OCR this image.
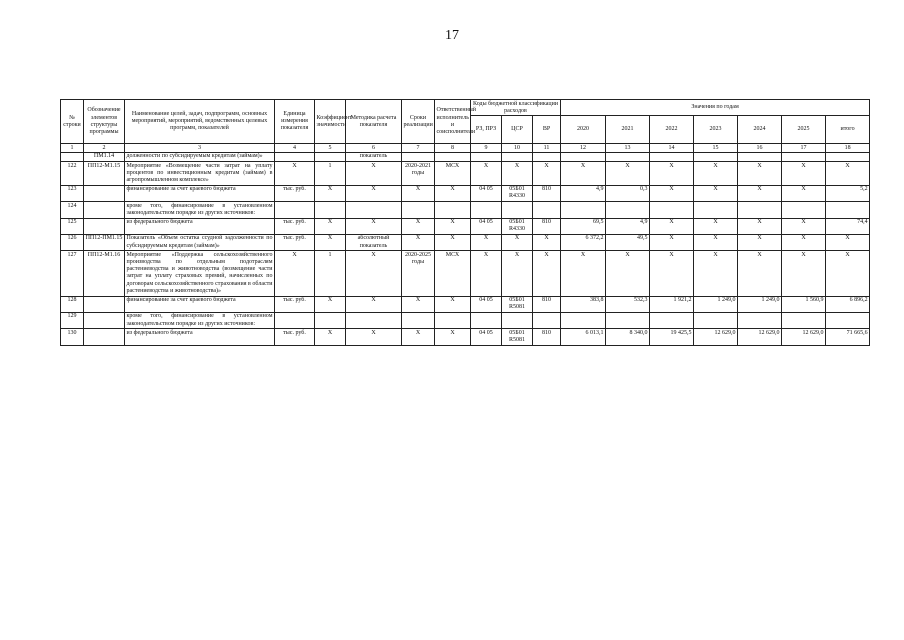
17
№ строки	Обозначение элементов структуры программы	Наименование целей, задач, подпрограмм, основных мероприятий, мероприятий, ведомственных целевых программ, показателей	Единица измерения показателя	Коэффициент значимости	Методика расчета показателя	Сроки реализации	Ответственный исполнитель и соисполнители	Коды бюджетной классификации расходов			Значения по годам						
								РЗ, ПРЗ	ЦСР	ВР	2020	2021	2022	2023	2024	2025	итого
1	2	3	4	5	6	7	8	9	10	11	12	13	14	15	16	17	18
	ПМ1.14	долженности по субсидируемым кредитам (займам)»			показатель												
122	ПП12-М1.15	Мероприятие «Возмещение части затрат на уплату процентов по инвестиционным кредитам (займам) в агропромышленном комплексе»	Х	1	Х	2020-2021 годы	МСХ	Х	Х	Х	Х	Х	Х	Х	Х	Х	Х
123		финансирование за счет краевого бюджета	тыс. руб.	Х	Х	Х	Х	04 05	05Б01 R4330	810	4,9	0,3	Х	Х	Х	Х	5,2
124		кроме того, финансирование в установленном законодательством порядке из других источников:															
125		из федерального бюджета	тыс. руб.	Х	Х	Х	Х	04 05	05Б01 R4330	810	69,5	4,9	Х	Х	Х	Х	74,4
126	ПП12-ПМ1.15	Показатель «Объем остатка ссудной задолженности по субсидируемым кредитам (займам)»	тыс. руб.	Х	абсолютный показатель	Х	Х	Х	Х	Х	6 372,2	49,5	Х	Х	Х	Х	Х
127	ПП12-М1.16	Мероприятие «Поддержка сельскохозяйственного производства по отдельным подотраслям растениеводства и животноводства (возмещение части затрат на уплату страховых премий, начисленных по договорам сельскохозяйственного страхования в области растениеводства и животноводства)»	Х	1	Х	2020-2025 годы	МСХ	Х	Х	Х	Х	Х	Х	Х	Х	Х	Х
128		финансирование за счет краевого бюджета	тыс. руб.	Х	Х	Х	Х	04 05	05Б01 R5081	810	383,8	532,3	1 921,2	1 249,0	1 249,0	1 560,9	6 896,2
129		кроме того, финансирование в установленном законодательством порядке из других источников:															
130		из федерального бюджета	тыс. руб.	Х	Х	Х	Х	04 05	05Б01 R5081	810	6 013,1	8 340,0	19 425,5	12 629,0	12 629,0	12 629,0	71 665,6
